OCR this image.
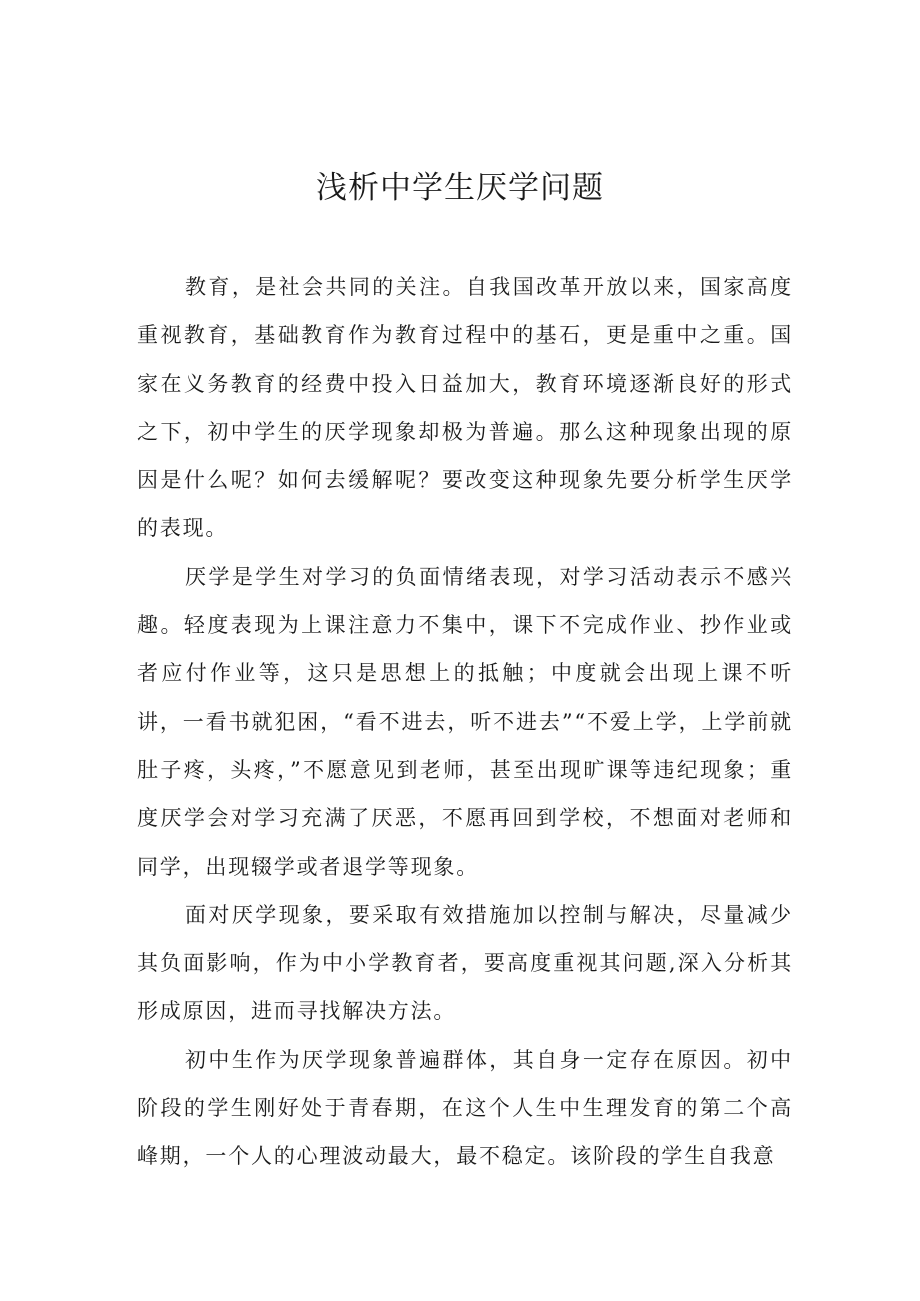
浅析中学生厌学问题

教育，是社会共同的关注。自我国改革开放以来，国家高度重视教育，基础教育作为教育过程中的基石，更是重中之重。国家在义务教育的经费中投入日益加大，教育环境逐渐良好的形式之下，初中学生的厌学现象却极为普遍。那么这种现象出现的原因是什么呢？如何去缓解呢？要改变这种现象先要分析学生厌学的表现。

厌学是学生对学习的负面情绪表现，对学习活动表示不感兴趣。轻度表现为上课注意力不集中，课下不完成作业、抄作业或者应付作业等，这只是思想上的抵触；中度就会出现上课不听讲，一看书就犯困，“看不进去，听不进去”“不爱上学，上学前就肚子疼，头疼，”不愿意见到老师，甚至出现旷课等违纪现象；重度厌学会对学习充满了厌恶，不愿再回到学校，不想面对老师和同学，出现辍学或者退学等现象。

面对厌学现象，要采取有效措施加以控制与解决，尽量减少其负面影响，作为中小学教育者，要高度重视其问题,深入分析其形成原因，进而寻找解决方法。

初中生作为厌学现象普遍群体，其自身一定存在原因。初中阶段的学生刚好处于青春期，在这个人生中生理发育的第二个高峰期，一个人的心理波动最大，最不稳定。该阶段的学生自我意
